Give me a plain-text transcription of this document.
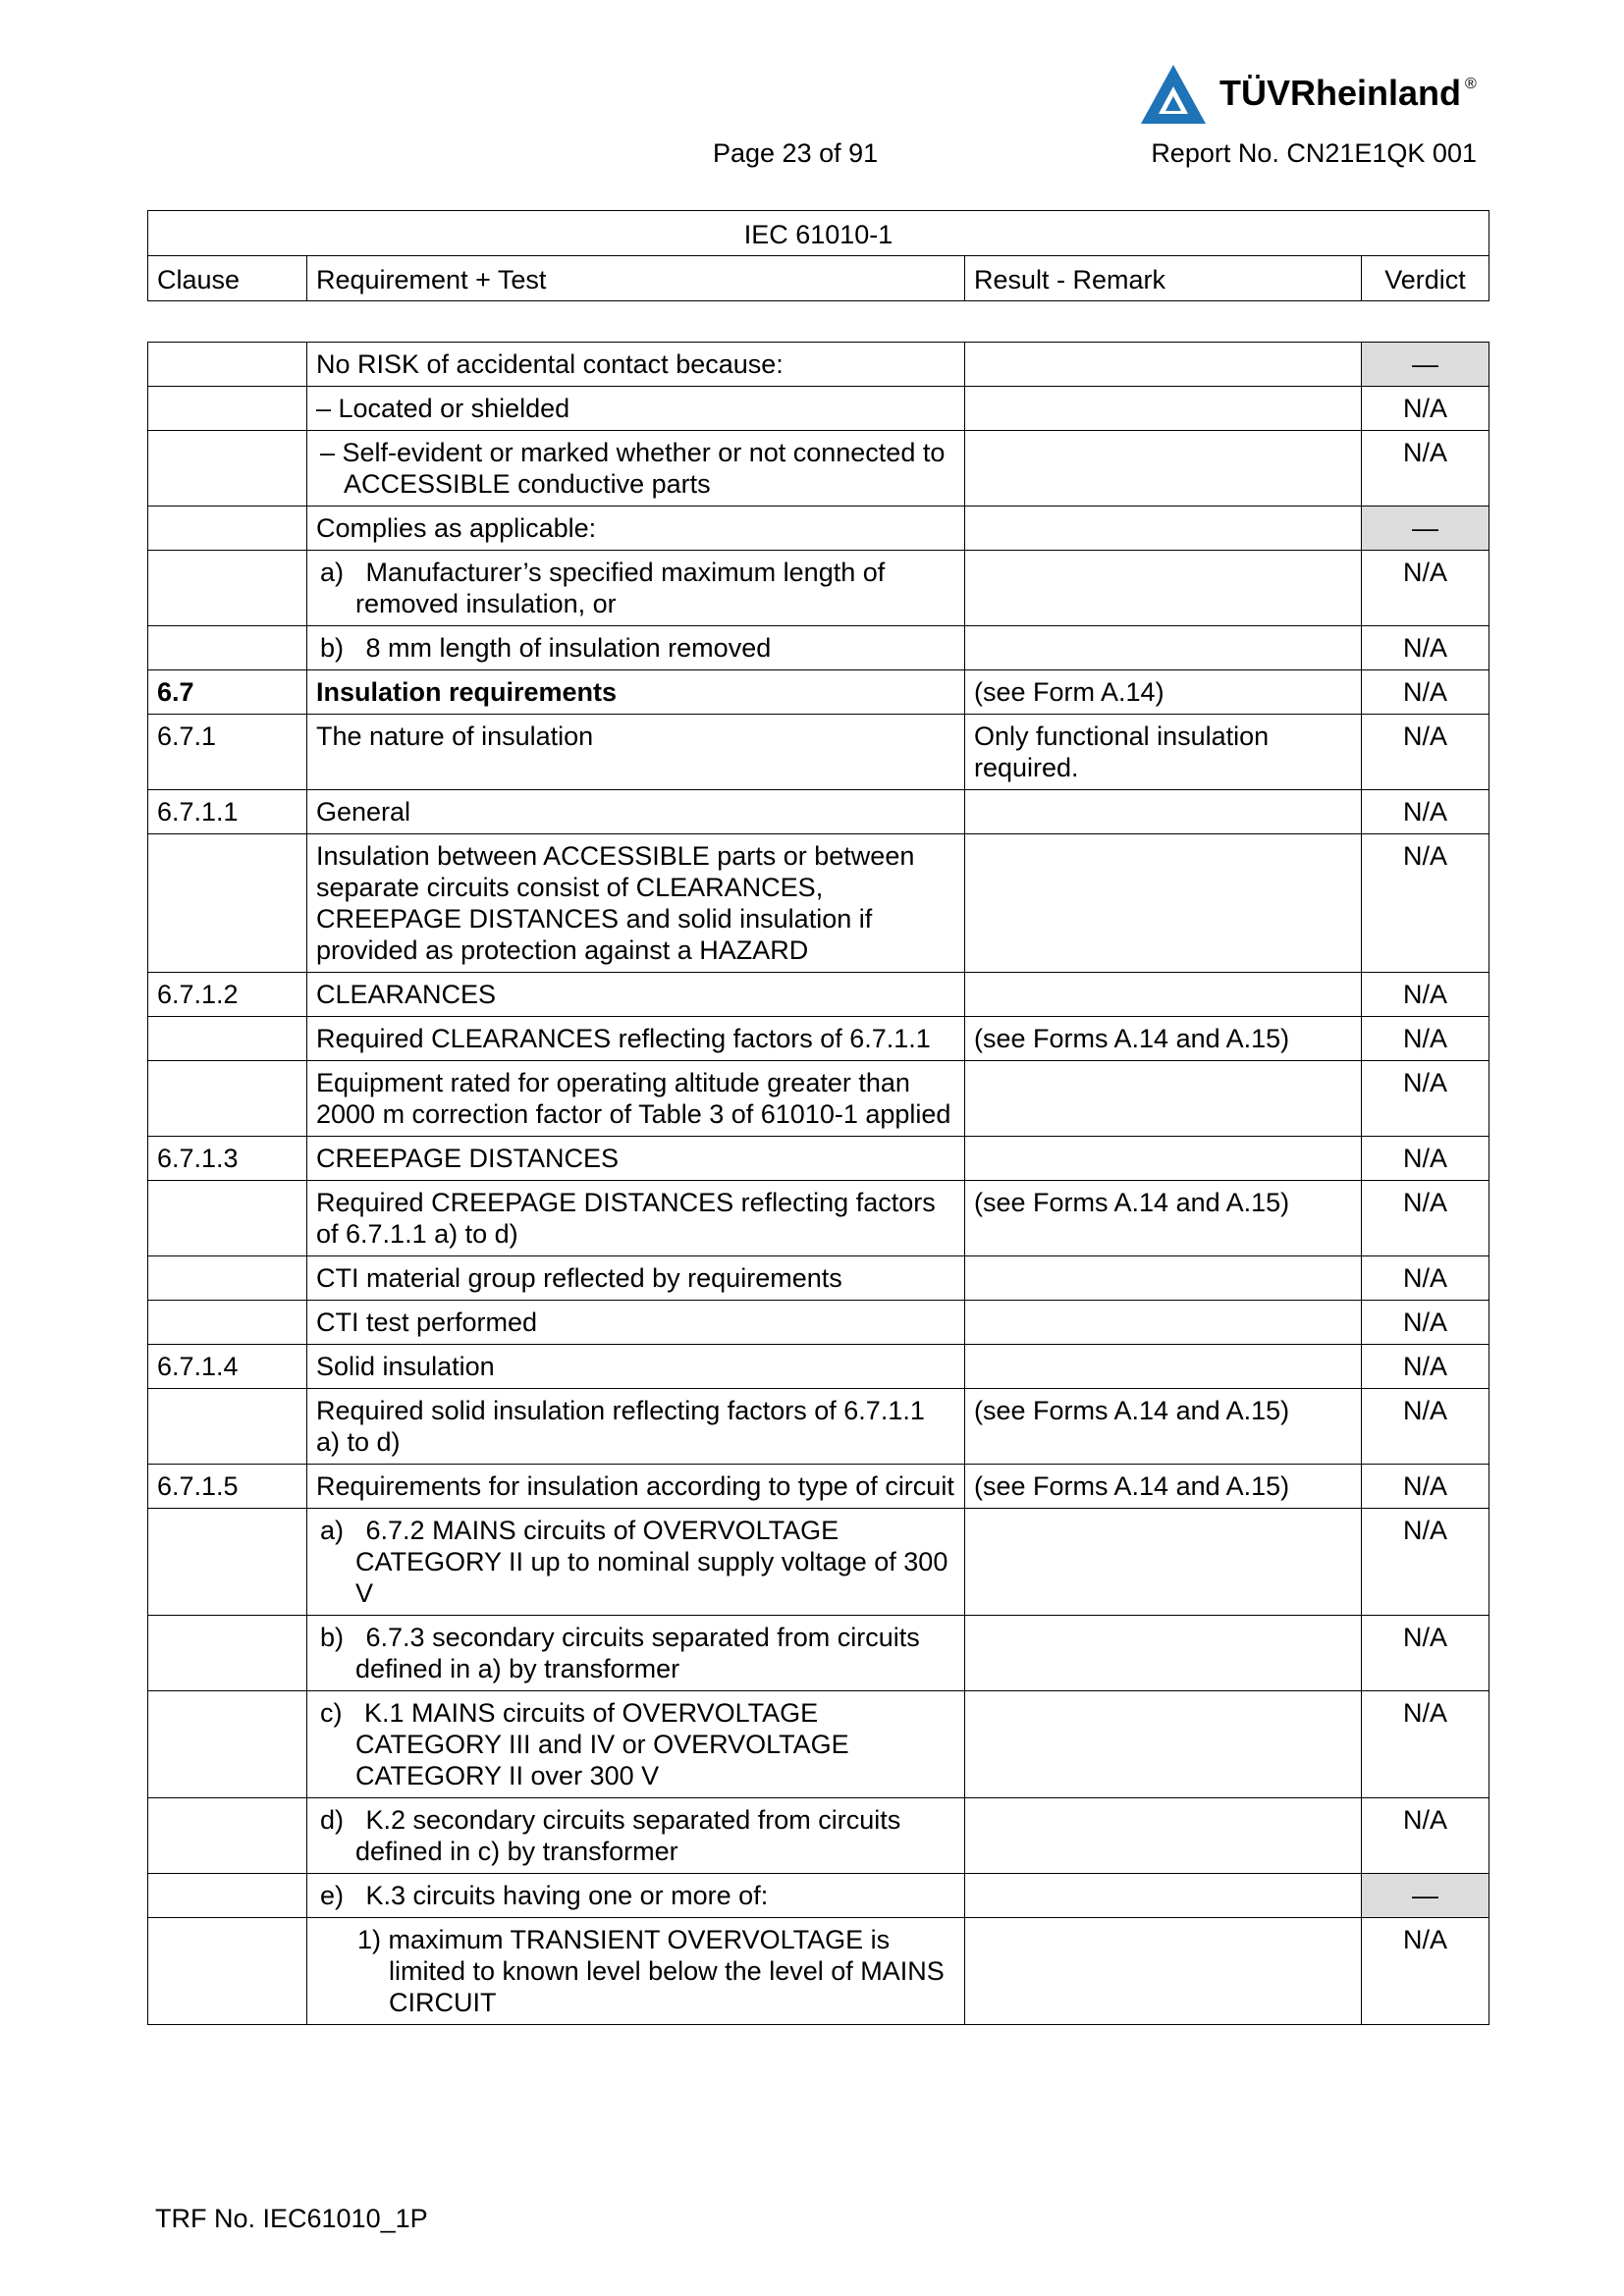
TÜVRheinland ®
Page 23 of 91	Report No. CN21E1QK 001
IEC 61010-1
Clause	Requirement + Test	Result - Remark	Verdict
	No RISK of accidental contact because:		—
	– Located or shielded		N/A
	– Self-evident or marked whether or not connected to ACCESSIBLE conductive parts		N/A
	Complies as applicable:		—
	a)   Manufacturer’s specified maximum length of removed insulation, or		N/A
	b)   8 mm length of insulation removed		N/A
6.7	Insulation requirements	(see Form A.14)	N/A
6.7.1	The nature of insulation	Only functional insulation required.	N/A
6.7.1.1	General		N/A
	Insulation between ACCESSIBLE parts or between separate circuits consist of CLEARANCES, CREEPAGE DISTANCES and solid insulation if provided as protection against a HAZARD		N/A
6.7.1.2	CLEARANCES		N/A
	Required CLEARANCES reflecting factors of 6.7.1.1	(see Forms A.14 and A.15)	N/A
	Equipment rated for operating altitude greater than 2000 m correction factor of Table 3 of 61010-1 applied		N/A
6.7.1.3	CREEPAGE DISTANCES		N/A
	Required CREEPAGE DISTANCES reflecting factors of 6.7.1.1 a) to d)	(see Forms A.14 and A.15)	N/A
	CTI material group reflected by requirements		N/A
	CTI test performed		N/A
6.7.1.4	Solid insulation		N/A
	Required solid insulation reflecting factors of 6.7.1.1 a) to d)	(see Forms A.14 and A.15)	N/A
6.7.1.5	Requirements for insulation according to type of circuit	(see Forms A.14 and A.15)	N/A
	a)   6.7.2 MAINS circuits of OVERVOLTAGE CATEGORY II up to nominal supply voltage of 300 V		N/A
	b)   6.7.3 secondary circuits separated from circuits defined in a) by transformer		N/A
	c)   K.1 MAINS circuits of OVERVOLTAGE CATEGORY III and IV or OVERVOLTAGE CATEGORY II over 300 V		N/A
	d)   K.2 secondary circuits separated from circuits defined in c) by transformer		N/A
	e)   K.3 circuits having one or more of:		—
	1) maximum TRANSIENT OVERVOLTAGE is limited to known level below the level of MAINS CIRCUIT		N/A
TRF No. IEC61010_1P
